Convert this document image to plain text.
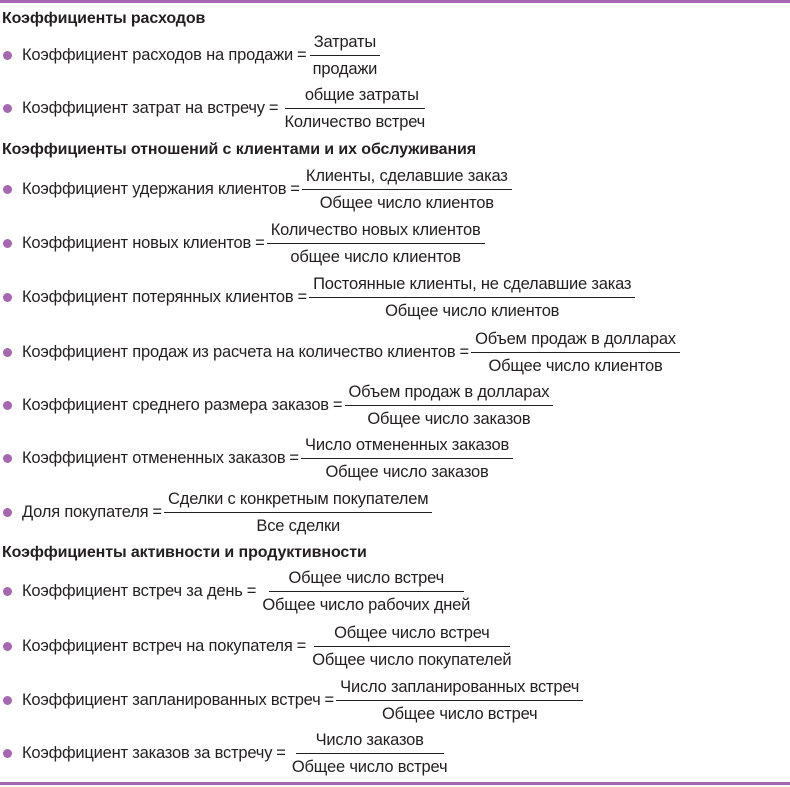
Коэффициенты расходов
Коэффициент расходов на продажи = $\frac{\text{Затраты}}{\text{продажи}}$
Коэффициент затрат на встречу = $\frac{\text{общие затраты}}{\text{Количество встреч}}$
Коэффициенты отношений с клиентами и их обслуживания
Коэффициент удержания клиентов = $\frac{\text{Клиенты, сделавшие заказ}}{\text{Общее число клиентов}}$
Коэффициент новых клиентов = $\frac{\text{Количество новых клиентов}}{\text{общее число клиентов}}$
Коэффициент потерянных клиентов = $\frac{\text{Постоянные клиенты, не сделавшие заказ}}{\text{Общее число клиентов}}$
Коэффициент продаж из расчета на количество клиентов = $\frac{\text{Объем продаж в долларах}}{\text{Общее число клиентов}}$
Коэффициент среднего размера заказов = $\frac{\text{Объем продаж в долларах}}{\text{Общее число заказов}}$
Коэффициент отмененных заказов = $\frac{\text{Число отмененных заказов}}{\text{Общее число заказов}}$
Доля покупателя = $\frac{\text{Сделки с конкретным покупателем}}{\text{Все сделки}}$
Коэффициенты активности и продуктивности
Коэффициент встреч за день = $\frac{\text{Общее число встреч}}{\text{Общее число рабочих дней}}$
Коэффициент встреч на покупателя = $\frac{\text{Общее число встреч}}{\text{Общее число покупателей}}$
Коэффициент запланированных встреч = $\frac{\text{Число запланированных встреч}}{\text{Общее число встреч}}$
Коэффициент заказов за встречу = $\frac{\text{Число заказов}}{\text{Общее число встреч}}$
